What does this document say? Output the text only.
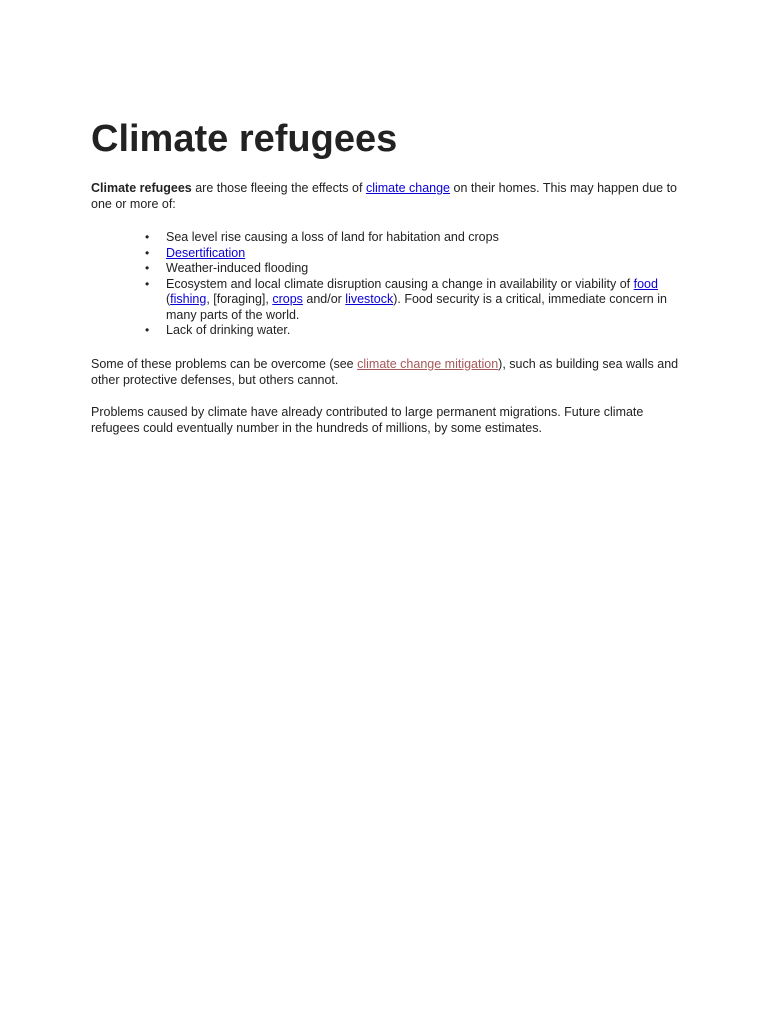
Climate refugees

Climate refugees are those fleeing the effects of climate change on their homes. This may happen due to one or more of:

• Sea level rise causing a loss of land for habitation and crops
• Desertification
• Weather-induced flooding
• Ecosystem and local climate disruption causing a change in availability or viability of food (fishing, [foraging], crops and/or livestock). Food security is a critical, immediate concern in many parts of the world.
• Lack of drinking water.

Some of these problems can be overcome (see climate change mitigation), such as building sea walls and other protective defenses, but others cannot.

Problems caused by climate have already contributed to large permanent migrations. Future climate refugees could eventually number in the hundreds of millions, by some estimates.
